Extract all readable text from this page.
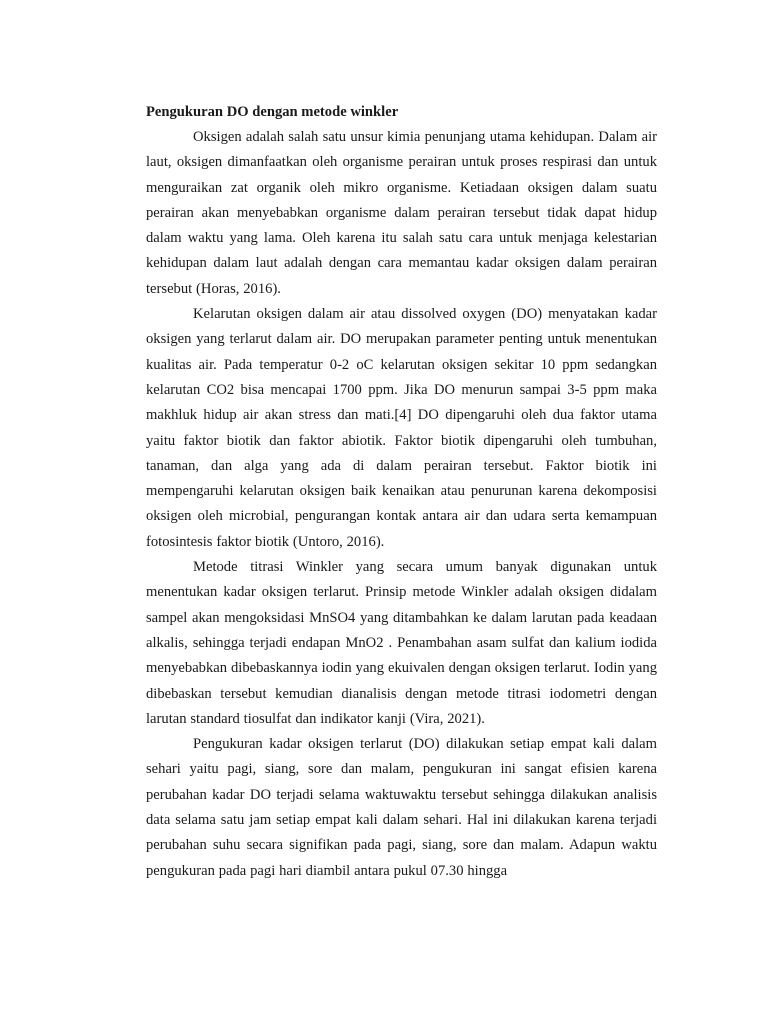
Pengukuran DO dengan metode winkler

Oksigen adalah salah satu unsur kimia penunjang utama kehidupan. Dalam air laut, oksigen dimanfaatkan oleh organisme perairan untuk proses respirasi dan untuk menguraikan zat organik oleh mikro organisme. Ketiadaan oksigen dalam suatu perairan akan menyebabkan organisme dalam perairan tersebut tidak dapat hidup dalam waktu yang lama. Oleh karena itu salah satu cara untuk menjaga kelestarian kehidupan dalam laut adalah dengan cara memantau kadar oksigen dalam perairan tersebut (Horas, 2016).

Kelarutan oksigen dalam air atau dissolved oxygen (DO) menyatakan kadar oksigen yang terlarut dalam air. DO merupakan parameter penting untuk menentukan kualitas air. Pada temperatur 0-2 oC kelarutan oksigen sekitar 10 ppm sedangkan kelarutan CO2 bisa mencapai 1700 ppm. Jika DO menurun sampai 3-5 ppm maka makhluk hidup air akan stress dan mati.[4] DO dipengaruhi oleh dua faktor utama yaitu faktor biotik dan faktor abiotik. Faktor biotik dipengaruhi oleh tumbuhan, tanaman, dan alga yang ada di dalam perairan tersebut. Faktor biotik ini mempengaruhi kelarutan oksigen baik kenaikan atau penurunan karena dekomposisi oksigen oleh microbial, pengurangan kontak antara air dan udara serta kemampuan fotosintesis faktor biotik (Untoro, 2016).

Metode titrasi Winkler yang secara umum banyak digunakan untuk menentukan kadar oksigen terlarut. Prinsip metode Winkler adalah oksigen didalam sampel akan mengoksidasi MnSO4 yang ditambahkan ke dalam larutan pada keadaan alkalis, sehingga terjadi endapan MnO2 . Penambahan asam sulfat dan kalium iodida menyebabkan dibebaskannya iodin yang ekuivalen dengan oksigen terlarut. Iodin yang dibebaskan tersebut kemudian dianalisis dengan metode titrasi iodometri dengan larutan standard tiosulfat dan indikator kanji (Vira, 2021).

Pengukuran kadar oksigen terlarut (DO) dilakukan setiap empat kali dalam sehari yaitu pagi, siang, sore dan malam, pengukuran ini sangat efisien karena perubahan kadar DO terjadi selama waktuwaktu tersebut sehingga dilakukan analisis data selama satu jam setiap empat kali dalam sehari. Hal ini dilakukan karena terjadi perubahan suhu secara signifikan pada pagi, siang, sore dan malam. Adapun waktu pengukuran pada pagi hari diambil antara pukul 07.30 hingga
